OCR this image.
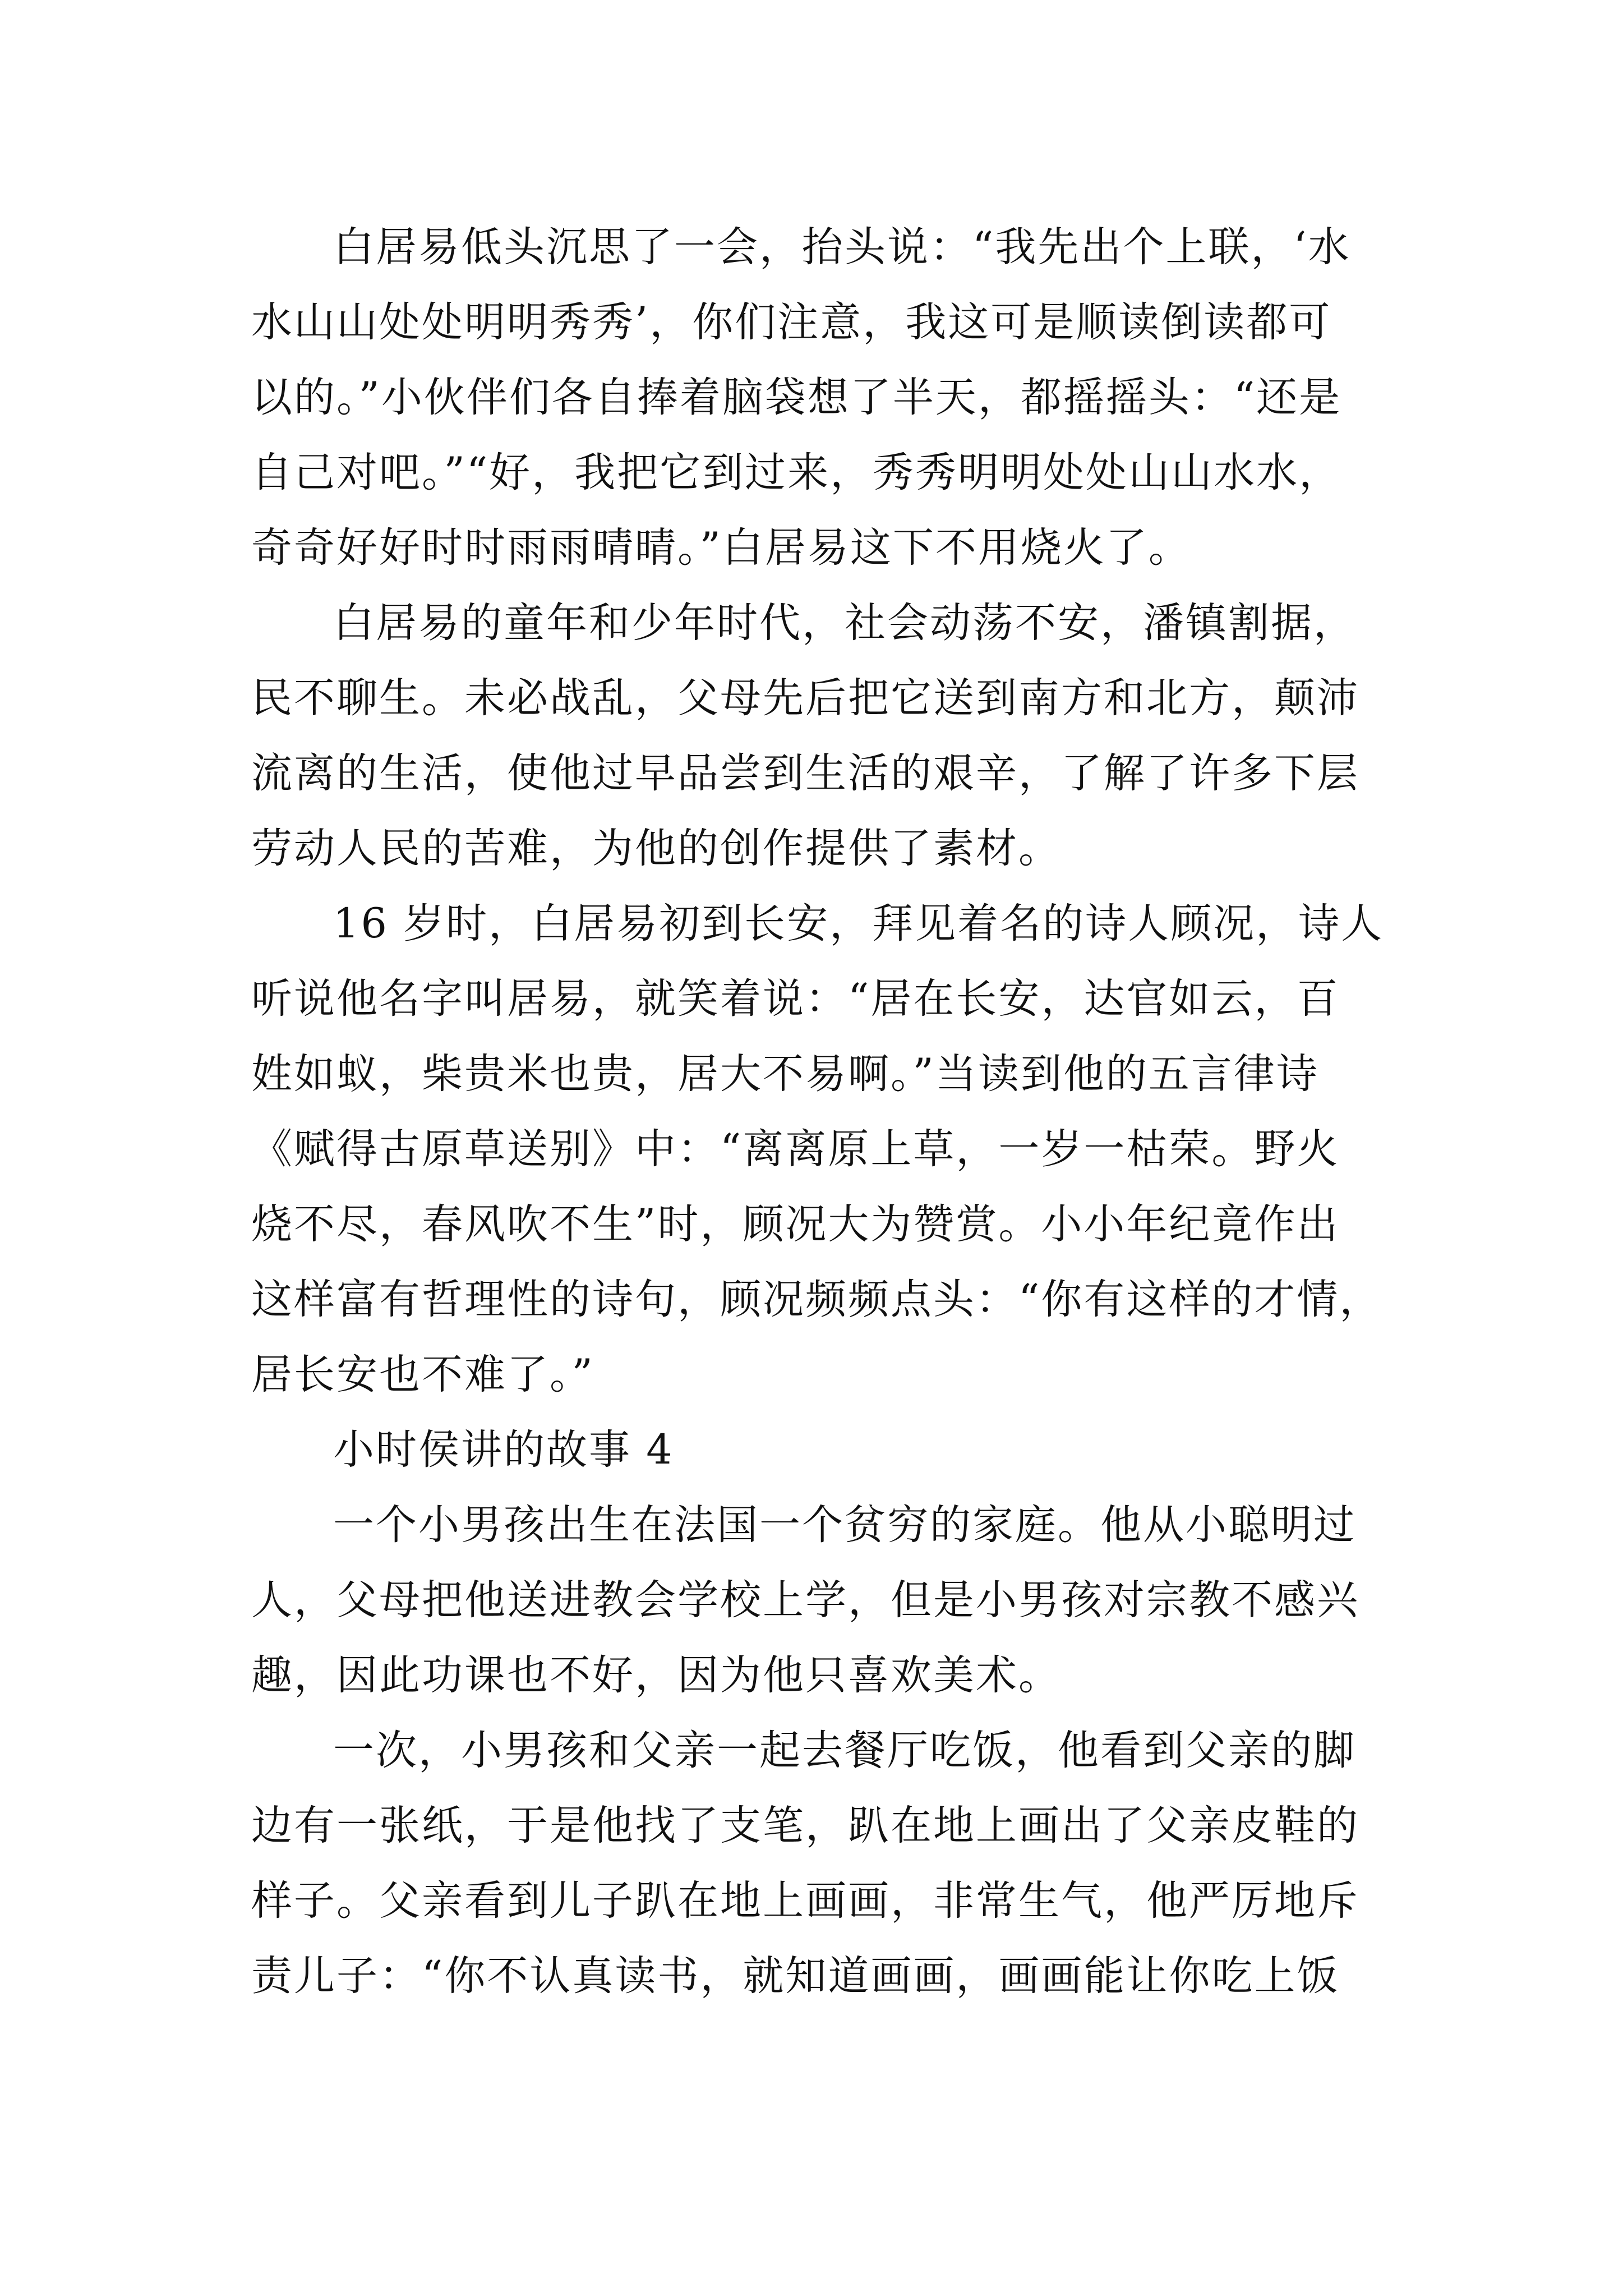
白居易低头沉思了一会，抬头说：“我先出个上联，‘水
水山山处处明明秀秀’，你们注意，我这可是顺读倒读都可
以的。”小伙伴们各自捧着脑袋想了半天，都摇摇头：“还是
自己对吧。”“好，我把它到过来，秀秀明明处处山山水水，
奇奇好好时时雨雨晴晴。”白居易这下不用烧火了。
白居易的童年和少年时代，社会动荡不安，潘镇割据，
民不聊生。未必战乱，父母先后把它送到南方和北方，颠沛
流离的生活，使他过早品尝到生活的艰辛，了解了许多下层
劳动人民的苦难，为他的创作提供了素材。
16 岁时，白居易初到长安，拜见着名的诗人顾况，诗人
听说他名字叫居易，就笑着说：“居在长安，达官如云，百
姓如蚁，柴贵米也贵，居大不易啊。”当读到他的五言律诗
《赋得古原草送别》中：“离离原上草，一岁一枯荣。野火
烧不尽，春风吹不生”时，顾况大为赞赏。小小年纪竟作出
这样富有哲理性的诗句，顾况频频点头：“你有这样的才情，
居长安也不难了。”
小时侯讲的故事 4
一个小男孩出生在法国一个贫穷的家庭。他从小聪明过
人，父母把他送进教会学校上学，但是小男孩对宗教不感兴
趣，因此功课也不好，因为他只喜欢美术。
一次，小男孩和父亲一起去餐厅吃饭，他看到父亲的脚
边有一张纸，于是他找了支笔，趴在地上画出了父亲皮鞋的
样子。父亲看到儿子趴在地上画画，非常生气，他严厉地斥
责儿子：“你不认真读书，就知道画画，画画能让你吃上饭
